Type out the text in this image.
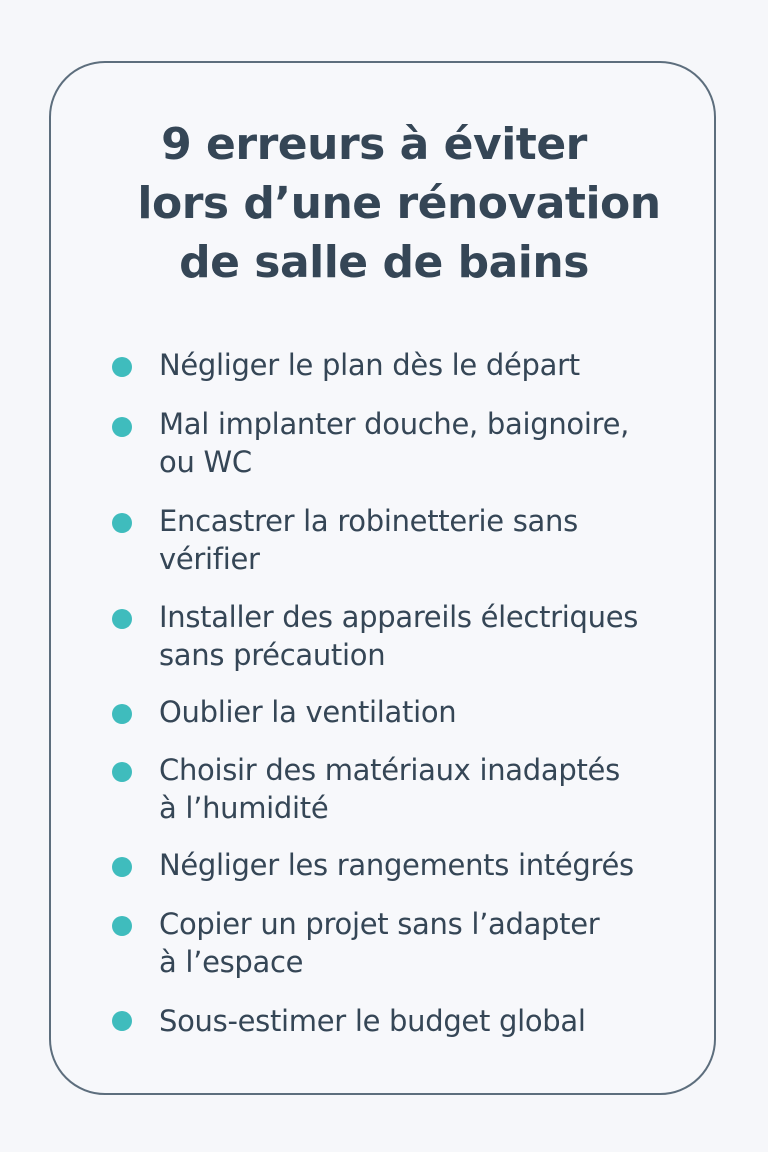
9 erreurs à éviter
lors d’une rénovation
de salle de bains
Négliger le plan dès le départ
Mal implanter douche, baignoire,
ou WC
Encastrer la robinetterie sans
vérifier
Installer des appareils électriques
sans précaution
Oublier la ventilation
Choisir des matériaux inadaptés
à l’humidité
Négliger les rangements intégrés
Copier un projet sans l’adapter
à l’espace
Sous-estimer le budget global
